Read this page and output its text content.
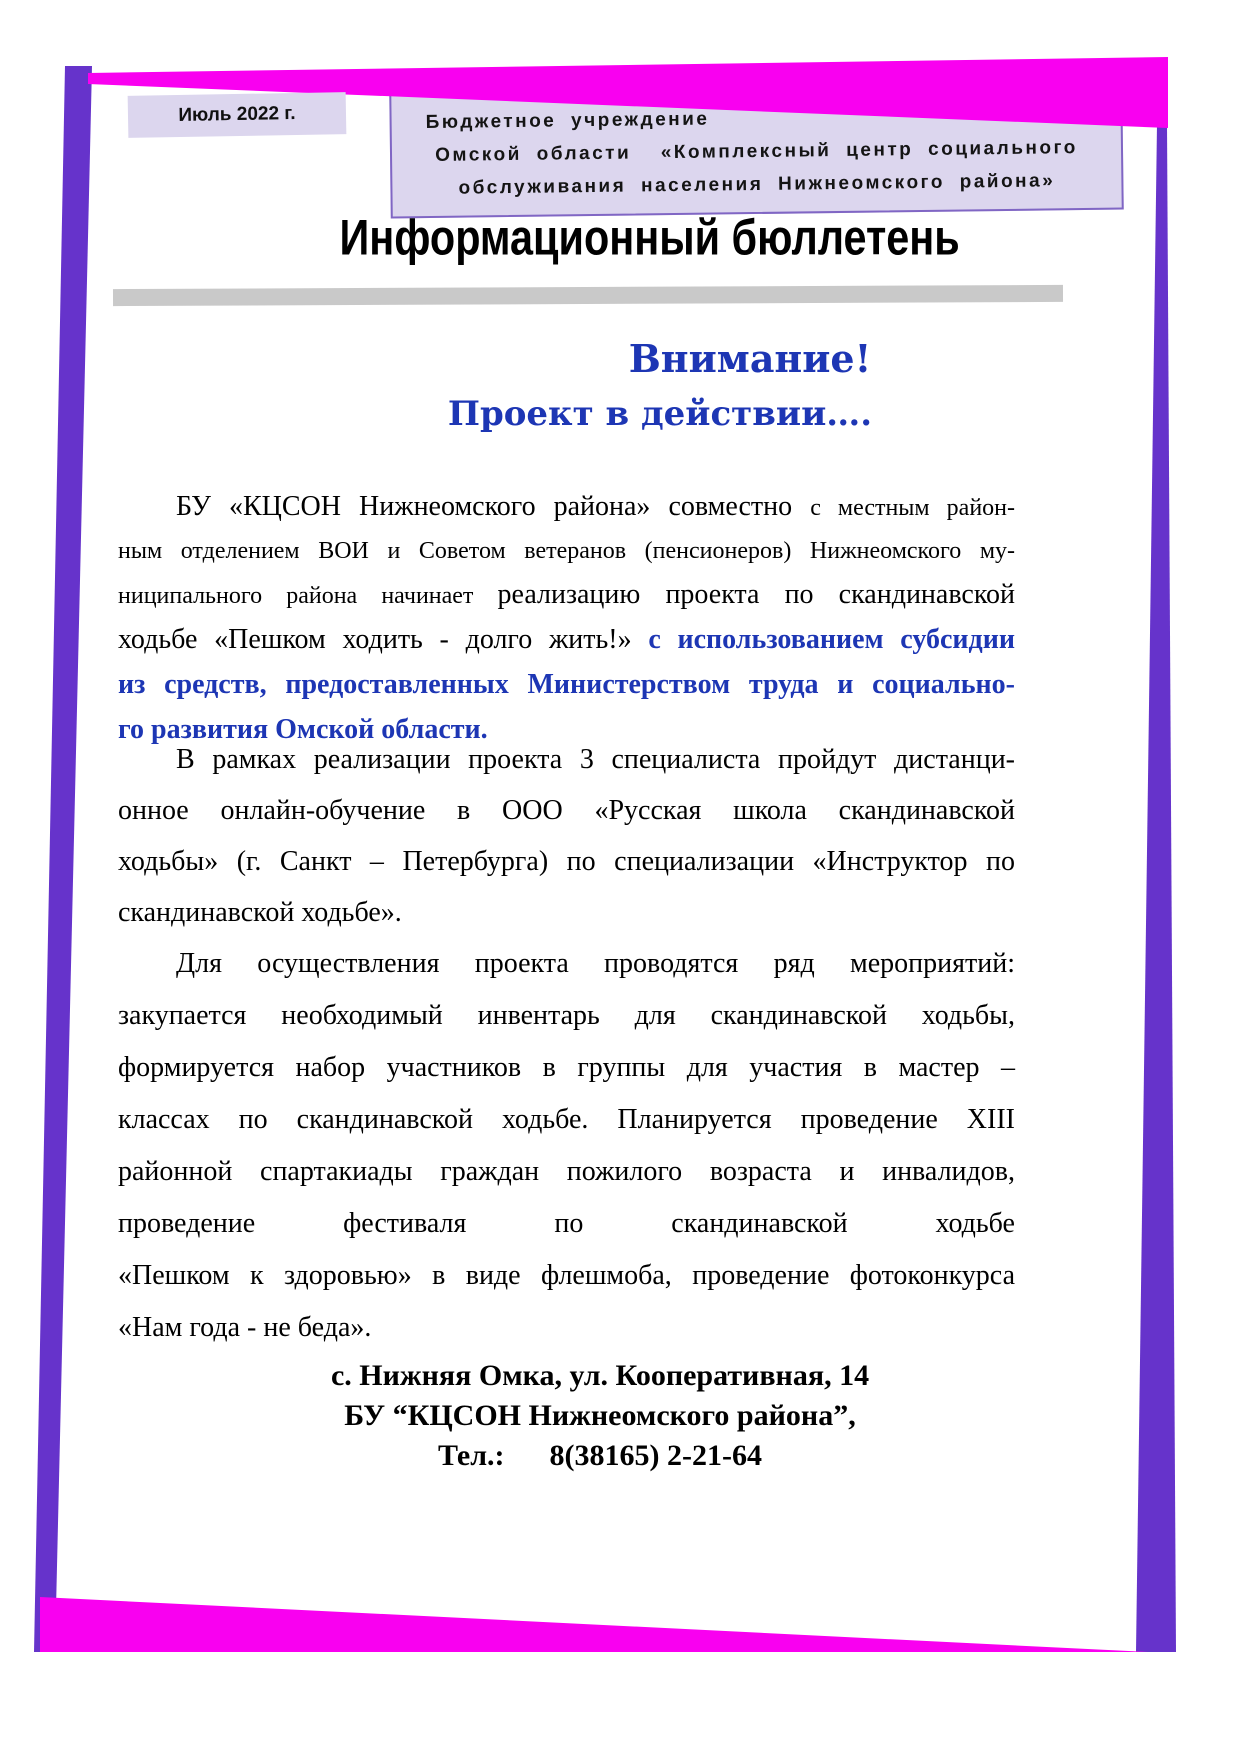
Бюджетное учреждение
Омской области  «Комплексный центр социального
обслуживания населения Нижнеомского района»
Июль 2022 г.
Информационный бюллетень
Внимание!
Проект в действии….
БУ «КЦСОН Нижнеомского района» совместно с местным район-
ным отделением ВОИ и Советом ветеранов (пенсионеров) Нижнеомского му-
ниципального района начинает реализацию проекта по скандинавской
ходьбе «Пешком ходить - долго жить!» с использованием субсидии
из средств, предоставленных Министерством труда и социально-
го развития Омской области.
В рамках реализации проекта 3 специалиста пройдут дистанци-
онное онлайн-обучение в ООО «Русская школа скандинавской
ходьбы» (г. Санкт – Петербурга) по специализации «Инструктор по
скандинавской ходьбе».
Для осуществления проекта проводятся ряд мероприятий:
закупается необходимый инвентарь для скандинавской ходьбы,
формируется набор участников в группы для участия в мастер –
классах по скандинавской ходьбе. Планируется проведение XIII
районной спартакиады граждан пожилого возраста и инвалидов,
проведение фестиваля по скандинавской ходьбе
«Пешком к здоровью» в виде флешмоба, проведение фотоконкурса
«Нам года - не беда».
с. Нижняя Омка, ул. Кооперативная, 14
БУ “КЦСОН Нижнеомского района”,
Тел.:      8(38165) 2-21-64
